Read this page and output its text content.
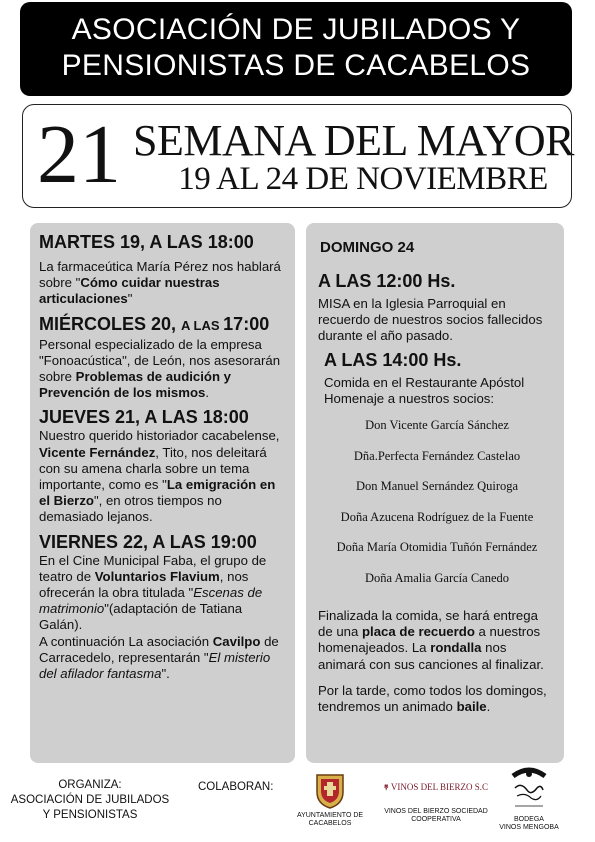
ASOCIACIÓN DE JUBILADOS Y
PENSIONISTAS DE CACABELOS
21 SEMANA DEL MAYOR
19 AL 24 DE NOVIEMBRE
MARTES 19, A LAS 18:00
La farmaceútica María Pérez nos hablará sobre "Cómo cuidar nuestras articulaciones"
MIÉRCOLES 20, A LAS 17:00
Personal especializado de la empresa "Fonoacústica", de León, nos asesorarán sobre Problemas de audición y Prevención de los mismos.
JUEVES 21, A LAS 18:00
Nuestro querido historiador cacabelense, Vicente Fernández, Tito, nos deleitará con su amena charla sobre un tema importante, como es "La emigración en el Bierzo", en otros tiempos no demasiado lejanos.
VIERNES 22, A LAS 19:00
En el Cine Municipal Faba, el grupo de teatro de Voluntarios Flavium, nos ofrecerán la obra titulada "Escenas de matrimonio"(adaptación de Tatiana Galán).
A continuación La asociación Cavilpo de Carracedelo, representarán "El misterio del afilador fantasma".
DOMINGO 24
A LAS 12:00 Hs.
MISA en la Iglesia Parroquial en recuerdo de nuestros socios fallecidos durante el año pasado.
A LAS 14:00 Hs.
Comida en el Restaurante Apóstol Homenaje a nuestros socios:
Don Vicente García Sánchez
Dña.Perfecta Fernández Castelao
Don Manuel Sernández Quiroga
Doña Azucena Rodríguez de la Fuente
Doña María Otomidia Tuñón Fernández
Doña Amalia García Canedo
Finalizada la comida, se hará entrega de una placa de recuerdo a nuestros homenajeados. La rondalla nos animará con sus canciones al finalizar.
Por la tarde, como todos los domingos, tendremos un animado baile.
ORGANIZA:
ASOCIACIÓN DE JUBILADOS
Y PENSIONISTAS
COLABORAN:
AYUNTAMIENTO DE CACABELOS
VINOS DEL BIERZO S.C
VINOS DEL BIERZO SOCIEDAD
COOPERATIVA	BODEGA
VINOS MENGOBA
